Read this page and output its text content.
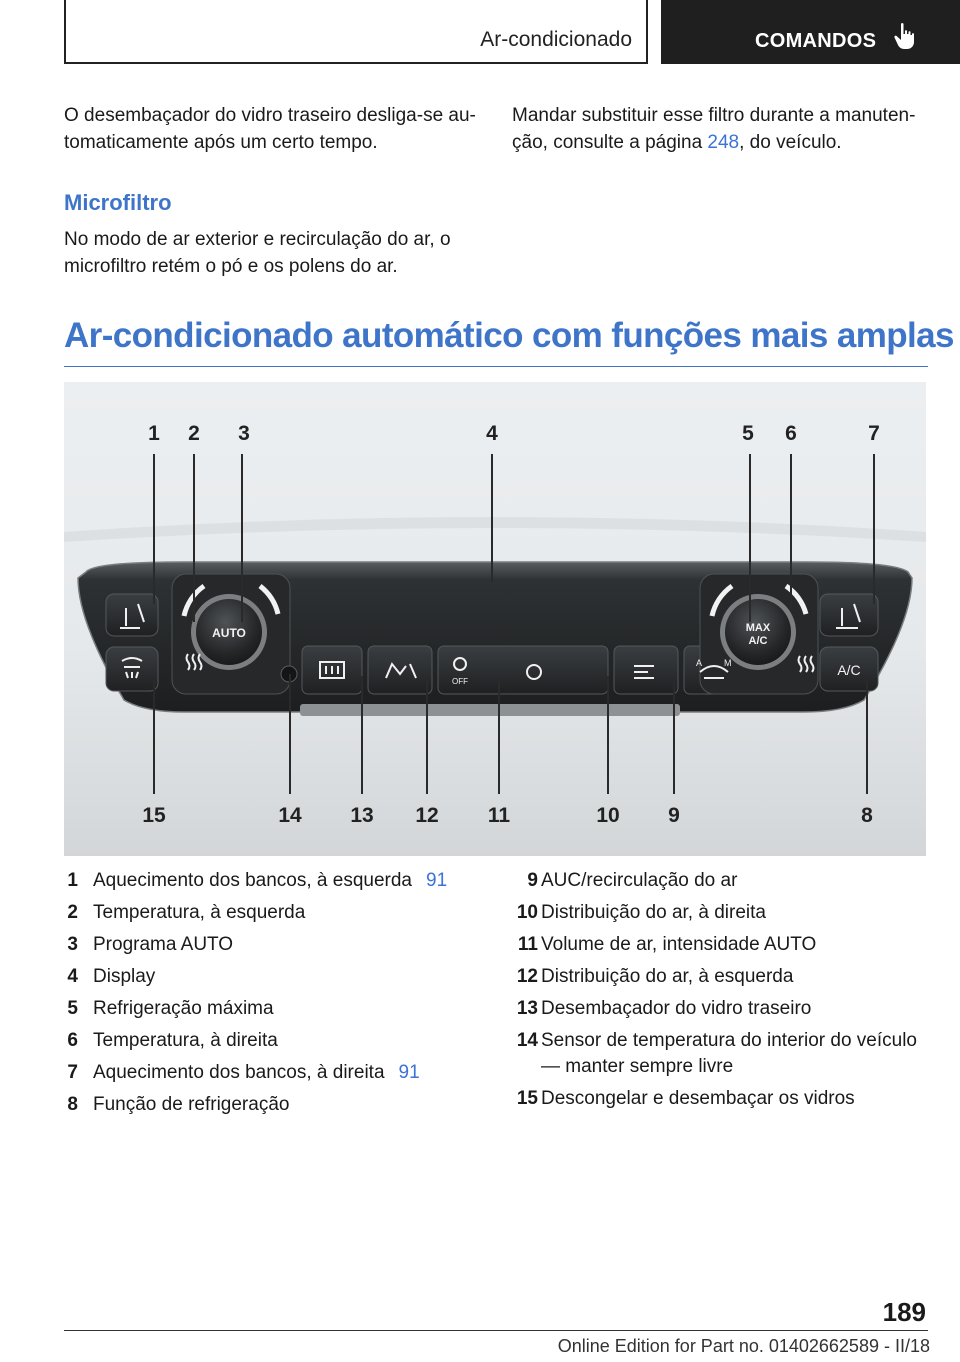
Ar-condicionado	COMANDOS
O desembaçador do vidro traseiro desliga-se au-tomaticamente após um certo tempo.
Mandar substituir esse filtro durante a manuten-ção, consulte a página 248, do veículo.
Microfiltro
No modo de ar exterior e recirculação do ar, o microfiltro retém o pó e os polens do ar.
Ar-condicionado automático com funções mais amplas
AUTO	MAX
A/C
A/C
OFF
A M
1 2 3	4	5 6	7
15	14 13 12 11	10 9	8
1 Aquecimento dos bancos, à esquerda 91
2 Temperatura, à esquerda
3 Programa AUTO
4 Display
5 Refrigeração máxima
6 Temperatura, à direita
7 Aquecimento dos bancos, à direita 91
8 Função de refrigeração
9 AUC/recirculação do ar
10 Distribuição do ar, à direita
11 Volume de ar, intensidade AUTO
12 Distribuição do ar, à esquerda
13 Desembaçador do vidro traseiro
14 Sensor de temperatura do interior do veículo — manter sempre livre
15 Descongelar e desembaçar os vidros
189
Online Edition for Part no. 01402662589 - II/18
